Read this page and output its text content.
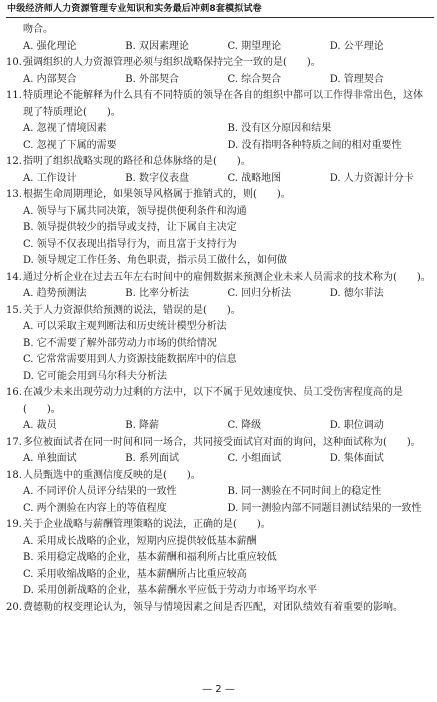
中级经济师人力资源管理专业知识和实务最后冲刺8套模拟试卷
吻合。
A. 强化理论	B. 双因素理论	C. 期望理论	D. 公平理论
10.强调组织的人力资源管理必须与组织战略保持完全一致的是(　　)。
A. 内部契合	B. 外部契合	C. 综合契合	D. 管理契合
11. 特质理论不能解释为什么具有不同特质的领导在各自的组织中都可以工作得非常出色，这体现了特质理论(　　)。
A. 忽视了情境因素	B. 没有区分原因和结果
C. 忽视了下属的需要	D. 没有指明各种特质之间的相对重要性
12.指明了组织战略实现的路径和总体脉络的是(　　)。
A. 工作设计	B. 数字仪表盘	C. 战略地图	D. 人力资源计分卡
13.根据生命周期理论，如果领导风格属于推销式的，则(　　)。
A. 领导与下属共同决策，领导提供便利条件和沟通
B. 领导提供较少的指导或支持，让下属自主决定
C. 领导不仅表现出指导行为，而且富于支持行为
D. 领导规定工作任务、角色职责，指示员工做什么，如何做
14. 通过分析企业在过去五年左右时间中的雇佣数据来预测企业未来人员需求的技术称为(　　)。
A. 趋势预测法	B. 比率分析法	C. 回归分析法	D. 德尔菲法
15.关于人力资源供给预测的说法，错误的是(　　)。
A. 可以采取主观判断法和历史统计模型分析法
B. 它不需要了解外部劳动力市场的供给情况
C. 它常常需要用到人力资源技能数据库中的信息
D. 它可能会用到马尔科夫分析法
16. 在减少未来出现劳动力过剩的方法中，以下不属于见效速度快、员工受伤害程度高的是(　　)。
A. 裁员	B. 降薪	C. 降级	D. 职位调动
17. 多位被面试者在同一时间和同一场合，共同接受面试官对面的询问，这种面试称为(　　)。
A. 单独面试	B. 系列面试	C. 小组面试	D. 集体面试
18.人员甄选中的重测信度反映的是(　　)。
A. 不同评价人员评分结果的一致性	B. 同一测验在不同时间上的稳定性
C. 两个测验在内容上的等值程度	D. 同一测验内部不同题目测试结果的一致性
19.关于企业战略与薪酬管理策略的说法，正确的是(　　)。
A. 采用成长战略的企业，短期内应提供较低基本薪酬
B. 采用稳定战略的企业，基本薪酬和福利所占比重应较低
C. 采用收缩战略的企业，基本薪酬所占比重应较高
D. 采用创新战略的企业，基本薪酬水平应低于劳动力市场平均水平
20.费德勒的权变理论认为，领导与情境因素之间是否匹配，对团队绩效有着重要的影响。
— 2 —
